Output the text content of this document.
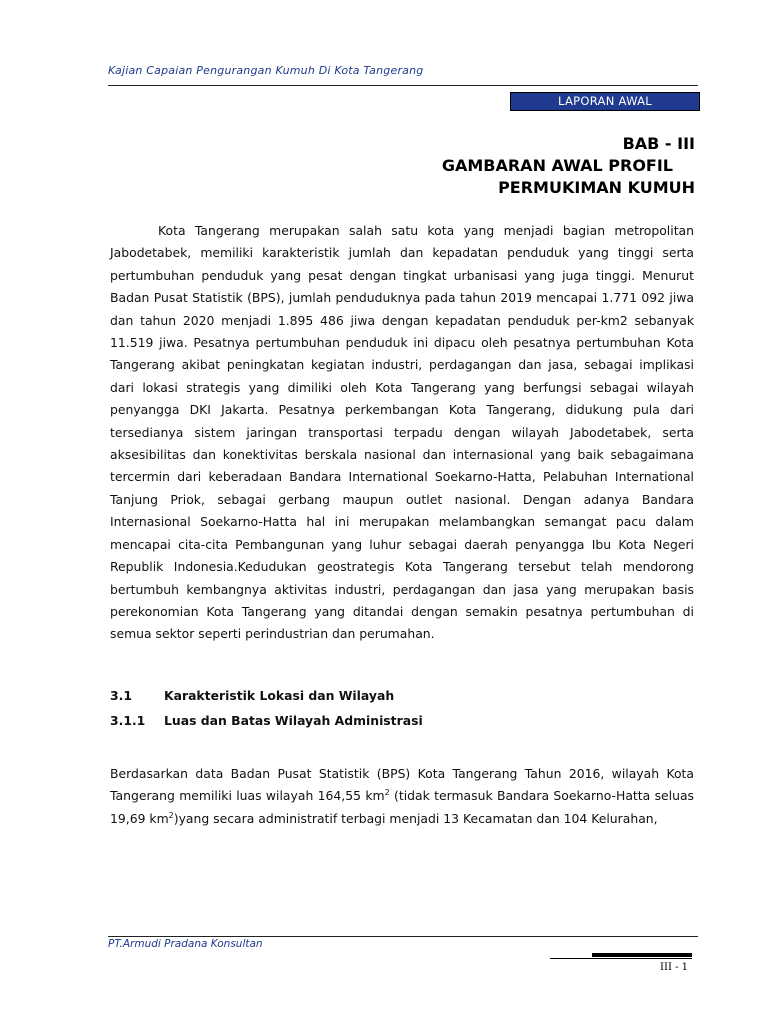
Kajian Capaian Pengurangan Kumuh Di Kota Tangerang
LAPORAN AWAL
BAB - III
GAMBARAN AWAL PROFIL
PERMUKIMAN KUMUH

Kota Tangerang merupakan salah satu kota yang menjadi bagian metropolitan Jabodetabek, memiliki karakteristik jumlah dan kepadatan penduduk yang tinggi serta pertumbuhan penduduk yang pesat dengan tingkat urbanisasi yang juga tinggi. Menurut Badan Pusat Statistik (BPS), jumlah penduduknya pada tahun 2019 mencapai 1.771 092 jiwa dan tahun 2020 menjadi 1.895 486 jiwa dengan kepadatan penduduk per-km2 sebanyak 11.519 jiwa. Pesatnya pertumbuhan penduduk ini dipacu oleh pesatnya pertumbuhan Kota Tangerang akibat peningkatan kegiatan industri, perdagangan dan jasa, sebagai implikasi dari lokasi strategis yang dimiliki oleh Kota Tangerang yang berfungsi sebagai wilayah penyangga DKI Jakarta. Pesatnya perkembangan Kota Tangerang, didukung pula dari tersedianya sistem jaringan transportasi terpadu dengan wilayah Jabodetabek, serta aksesibilitas dan konektivitas berskala nasional dan internasional yang baik sebagaimana tercermin dari keberadaan Bandara International Soekarno-Hatta, Pelabuhan International Tanjung Priok, sebagai gerbang maupun outlet nasional. Dengan adanya Bandara Internasional Soekarno-Hatta hal ini merupakan melambangkan semangat pacu dalam mencapai cita-cita Pembangunan yang luhur sebagai daerah penyangga Ibu Kota Negeri Republik Indonesia.Kedudukan geostrategis Kota Tangerang tersebut telah mendorong bertumbuh kembangnya aktivitas industri, perdagangan dan jasa yang merupakan basis perekonomian Kota Tangerang yang ditandai dengan semakin pesatnya pertumbuhan di semua sektor seperti perindustrian dan perumahan.

3.1	Karakteristik Lokasi dan Wilayah
3.1.1 Luas dan Batas Wilayah Administrasi

Berdasarkan data Badan Pusat Statistik (BPS) Kota Tangerang Tahun 2016, wilayah Kota Tangerang memiliki luas wilayah 164,55 $km^2$ (tidak termasuk Bandara Soekarno-Hatta seluas 19,69 $km^2)yang$ secara administratif terbagi menjadi 13 Kecamatan dan 104 Kelurahan,

PT.Armudi Pradana Konsultan
III - 1
